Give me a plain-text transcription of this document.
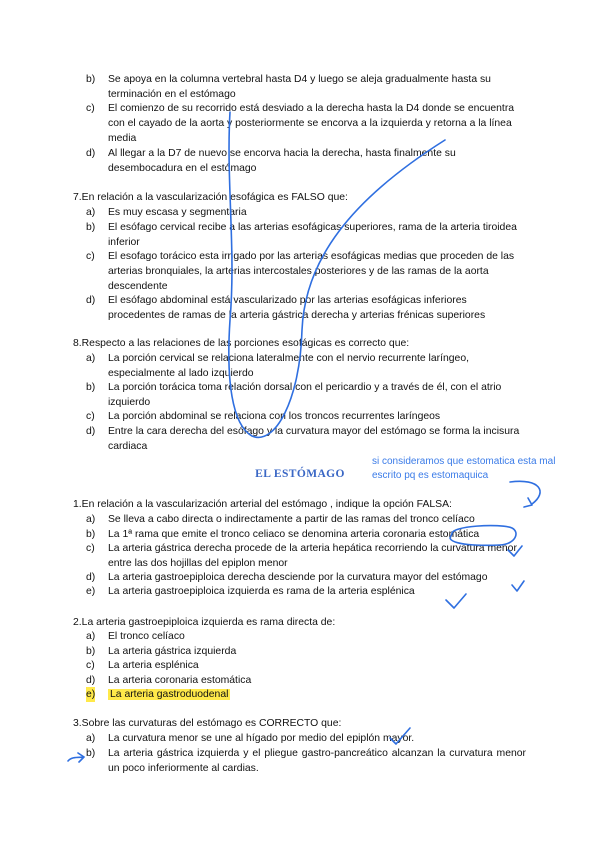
b) Se apoya en la columna vertebral hasta D4 y luego se aleja gradualmente hasta su terminación en el estómago
c) El comienzo de su recorrido está desviado a la derecha hasta la D4 donde se encuentra con el cayado de la aorta y posteriormente se encorva a la izquierda y retorna a la línea media
d) Al llegar a la D7 de nuevo se encorva hacia la derecha, hasta finalmente su desembocadura en el estómago
7.En relación a la vascularización esofágica es FALSO que:
a) Es muy escasa y segmentaria
b) El esófago cervical recibe a las arterias esofágicas superiores, rama de la arteria tiroidea inferior
c) El esofago torácico esta irrigado por las arterias esofágicas medias que proceden de las arterias bronquiales, la arterias intercostales posteriores y de las ramas de la aorta descendente
d) El esófago abdominal está vascularizado por las arterias esofágicas inferiores procedentes de ramas de la arteria gástrica derecha y arterias frénicas superiores
8.Respecto a las relaciones de las porciones esofágicas es correcto que:
a) La porción cervical se relaciona lateralmente con el nervio recurrente laríngeo, especialmente al lado izquierdo
b) La porción torácica toma relación dorsal con el pericardio y a través de él, con el atrio izquierdo
c) La porción abdominal se relaciona con los troncos recurrentes laríngeos
d) Entre la cara derecha del esófago y la curvatura mayor del estómago se forma la incisura cardiaca
EL ESTÓMAGO
si consideramos que estomatica esta mal escrito pq es estomaquica
1.En relación a la vascularización arterial del estómago , indique la opción FALSA:
a) Se lleva a cabo directa o indirectamente a partir de las ramas del tronco celíaco
b) La 1ª rama que emite el tronco celiaco se denomina arteria coronaria estomática
c) La arteria gástrica derecha procede de la arteria hepática recorriendo la curvatura menor entre las dos hojillas del epiplon menor
d) La arteria gastroepiploica derecha desciende por la curvatura mayor del estómago
e) La arteria gastroepiploica izquierda es rama de la arteria esplénica
2.La arteria gastroepiploica izquierda es rama directa de:
a) El tronco celíaco
b) La arteria gástrica izquierda
c) La arteria esplénica
d) La arteria coronaria estomática
e) La arteria gastroduodenal
3.Sobre las curvaturas del estómago es CORRECTO que:
a) La curvatura menor se une al hígado por medio del epiplón mayor.
b) La arteria gástrica izquierda y el pliegue gastro-pancreático alcanzan la curvatura menor un poco inferiormente al cardias.
